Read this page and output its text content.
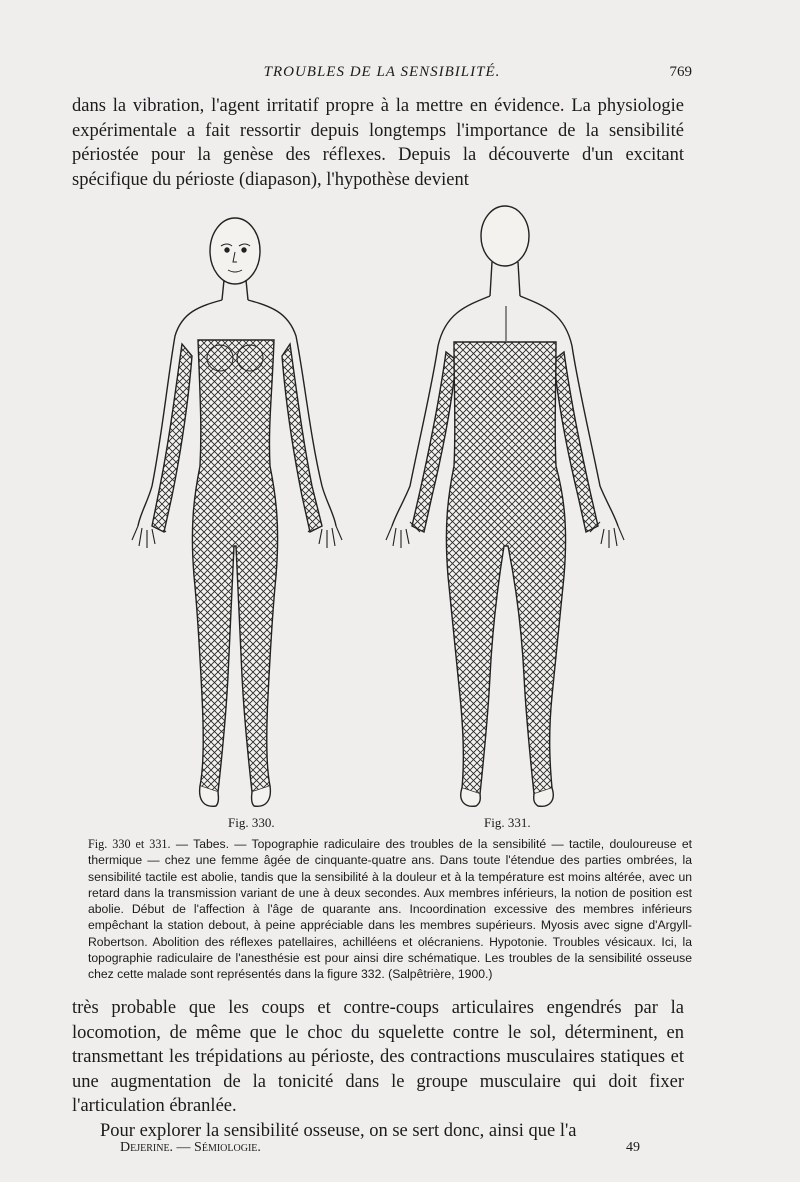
TROUBLES DE LA SENSIBILITÉ.	769
dans la vibration, l'agent irritatif propre à la mettre en évidence. La physiologie expérimentale a fait ressortir depuis longtemps l'importance de la sensibilité périostée pour la genèse des réflexes. Depuis la découverte d'un excitant spécifique du périoste (diapason), l'hypothèse devient
Fig. 330.	Fig. 331.
Fig. 330 et 331. — Tabes. — Topographie radiculaire des troubles de la sensibilité — tactile, douloureuse et thermique — chez une femme âgée de cinquante-quatre ans. Dans toute l'étendue des parties ombrées, la sensibilité tactile est abolie, tandis que la sensibilité à la douleur et à la température est moins altérée, avec un retard dans la transmission variant de une à deux secondes. Aux membres inférieurs, la notion de position est abolie. Début de l'affection à l'âge de quarante ans. Incoordination excessive des membres inférieurs empêchant la station debout, à peine appréciable dans les membres supérieurs. Myosis avec signe d'Argyll-Robertson. Abolition des réflexes patellaires, achilléens et olécraniens. Hypotonie. Troubles vésicaux. Ici, la topographie radiculaire de l'anesthésie est pour ainsi dire schématique. Les troubles de la sensibilité osseuse chez cette malade sont représentés dans la figure 332. (Salpêtrière, 1900.)
très probable que les coups et contre-coups articulaires engendrés par la locomotion, de même que le choc du squelette contre le sol, déterminent, en transmettant les trépidations au périoste, des contractions musculaires statiques et une augmentation de la tonicité dans le groupe musculaire qui doit fixer l'articulation ébranlée.
Pour explorer la sensibilité osseuse, on se sert donc, ainsi que l'a
Dejerine. — Sémiologie.	49
